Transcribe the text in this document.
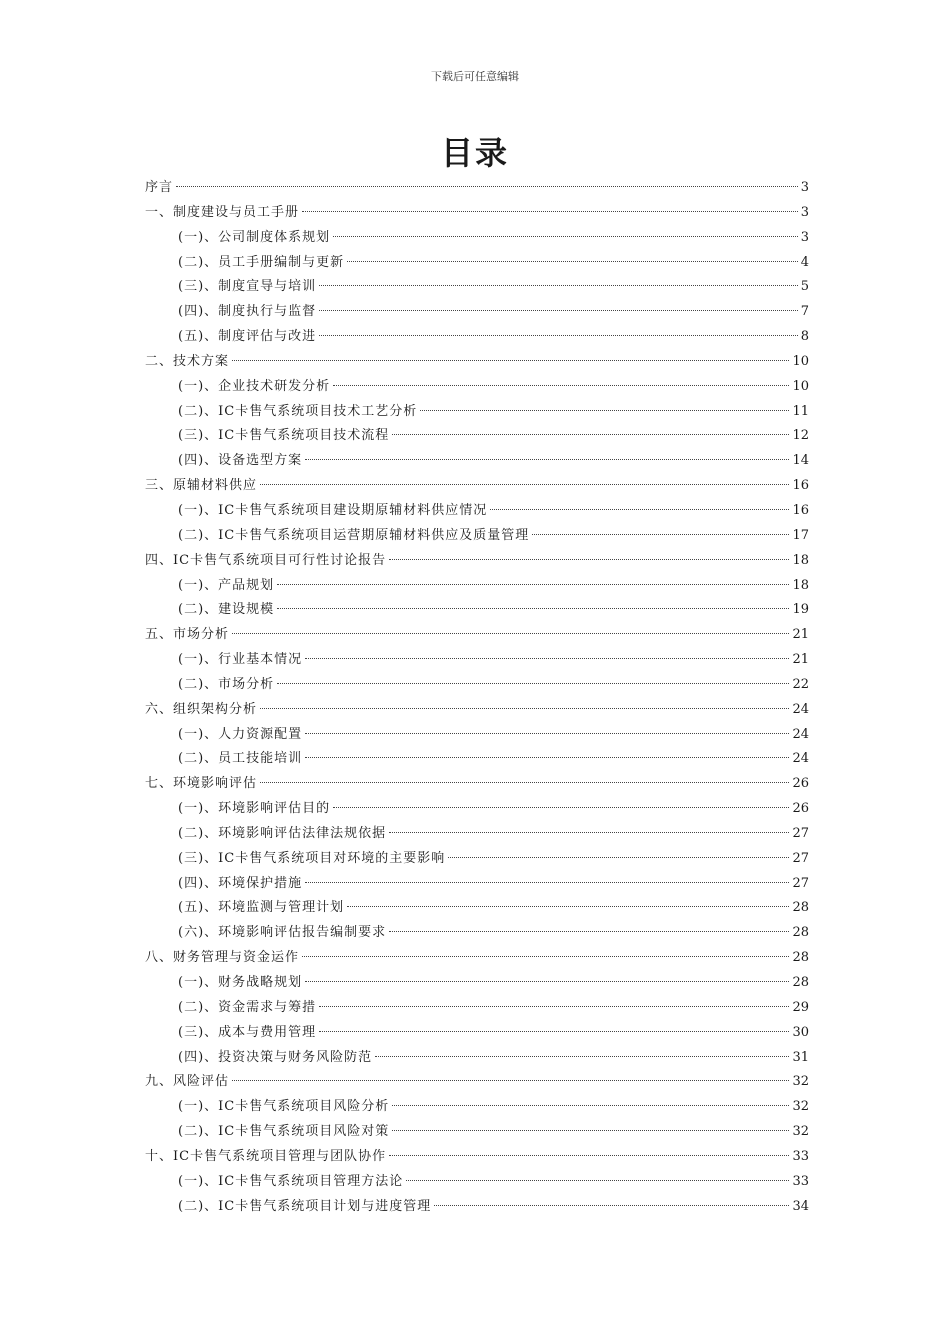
下载后可任意编辑
目录
序言	3
一、制度建设与员工手册	3
(一)、公司制度体系规划	3
(二)、员工手册编制与更新	4
(三)、制度宣导与培训	5
(四)、制度执行与监督	7
(五)、制度评估与改进	8
二、技术方案	10
(一)、企业技术研发分析	10
(二)、IC卡售气系统项目技术工艺分析	11
(三)、IC卡售气系统项目技术流程	12
(四)、设备选型方案	14
三、原辅材料供应	16
(一)、IC卡售气系统项目建设期原辅材料供应情况	16
(二)、IC卡售气系统项目运营期原辅材料供应及质量管理	17
四、IC卡售气系统项目可行性讨论报告	18
(一)、产品规划	18
(二)、建设规模	19
五、市场分析	21
(一)、行业基本情况	21
(二)、市场分析	22
六、组织架构分析	24
(一)、人力资源配置	24
(二)、员工技能培训	24
七、环境影响评估	26
(一)、环境影响评估目的	26
(二)、环境影响评估法律法规依据	27
(三)、IC卡售气系统项目对环境的主要影响	27
(四)、环境保护措施	27
(五)、环境监测与管理计划	28
(六)、环境影响评估报告编制要求	28
八、财务管理与资金运作	28
(一)、财务战略规划	28
(二)、资金需求与筹措	29
(三)、成本与费用管理	30
(四)、投资决策与财务风险防范	31
九、风险评估	32
(一)、IC卡售气系统项目风险分析	32
(二)、IC卡售气系统项目风险对策	32
十、IC卡售气系统项目管理与团队协作	33
(一)、IC卡售气系统项目管理方法论	33
(二)、IC卡售气系统项目计划与进度管理	34
